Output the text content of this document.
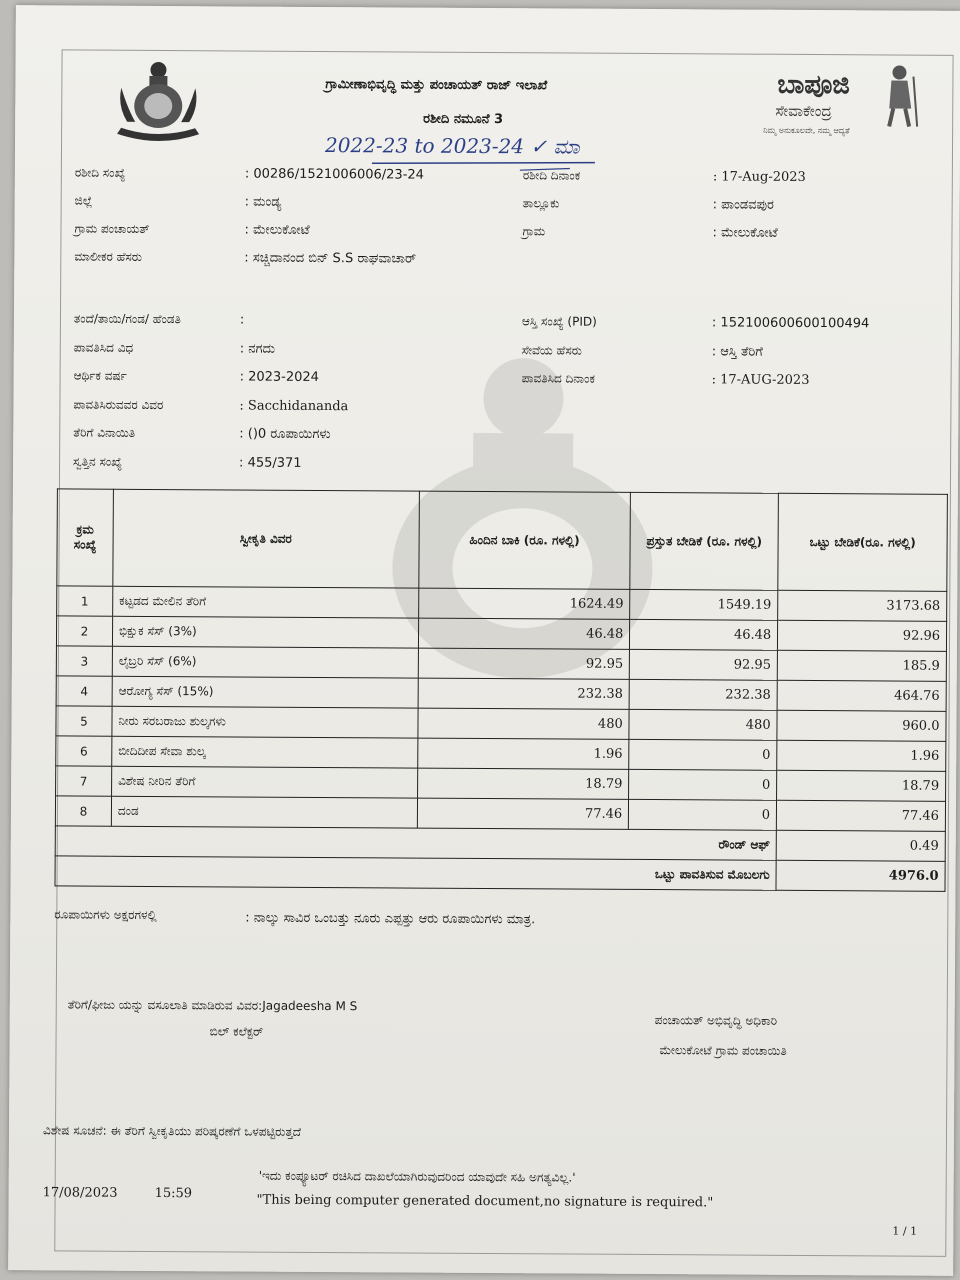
ಗ್ರಾಮೀಣಾಭಿವೃದ್ಧಿ ಮತ್ತು ಪಂಚಾಯತ್ ರಾಜ್ ಇಲಾಖೆ
ರಶೀದಿ ನಮೂನೆ 3
2022-23 to 2023-24 ✓ ಮಾ
ಬಾಪೂಜಿ
ಸೇವಾಕೇಂದ್ರ
ನಿಮ್ಮ ಅನುಕೂಲವೇ, ನಮ್ಮ ಆದ್ಯತೆ
ರಶೀದಿ ಸಂಖ್ಯೆ	: 00286/1521006006/23-24
ಜಿಲ್ಲೆ	: ಮಂಡ್ಯ
ಗ್ರಾಮ ಪಂಚಾಯತ್	: ಮೇಲುಕೋಟೆ
ಮಾಲೀಕರ ಹೆಸರು	: ಸಚ್ಚಿದಾನಂದ ಬಿನ್ S.S ರಾಘವಾಚಾರ್
ರಶೀದಿ ದಿನಾಂಕ	: 17-Aug-2023
ತಾಲ್ಲೂಕು	: ಪಾಂಡವಪುರ
ಗ್ರಾಮ	: ಮೇಲುಕೋಟೆ
ತಂದೆ/ತಾಯಿ/ಗಂಡ/ ಹೆಂಡತಿ	:
ಪಾವತಿಸಿದ ವಿಧ	: ನಗದು
ಆರ್ಥಿಕ ವರ್ಷ	: 2023-2024
ಪಾವತಿಸಿರುವವರ ವಿವರ	: Sacchidananda
ತೆರಿಗೆ ವಿನಾಯಿತಿ	: ()0 ರೂಪಾಯಿಗಳು
ಸ್ವತ್ತಿನ ಸಂಖ್ಯೆ	: 455/371
ಆಸ್ತಿ ಸಂಖ್ಯೆ (PID)	: 152100600600100494
ಸೇವೆಯ ಹೆಸರು	: ಆಸ್ತಿ ತೆರಿಗೆ
ಪಾವತಿಸಿದ ದಿನಾಂಕ	: 17-AUG-2023
ಕ್ರಮ ಸಂಖ್ಯೆ	ಸ್ವೀಕೃತಿ ವಿವರ	ಹಿಂದಿನ ಬಾಕಿ (ರೂ. ಗಳಲ್ಲಿ)	ಪ್ರಸ್ತುತ ಬೇಡಿಕೆ (ರೂ. ಗಳಲ್ಲಿ)	ಒಟ್ಟು ಬೇಡಿಕೆ(ರೂ. ಗಳಲ್ಲಿ)
1	ಕಟ್ಟಡದ ಮೇಲಿನ ತೆರಿಗೆ	1624.49	1549.19	3173.68
2	ಭಿಕ್ಷುಕ ಸೆಸ್ (3%)	46.48	46.48	92.96
3	ಲೈಬ್ರರಿ ಸೆಸ್ (6%)	92.95	92.95	185.9
4	ಆರೋಗ್ಯ ಸೆಸ್ (15%)	232.38	232.38	464.76
5	ನೀರು ಸರಬರಾಜು ಶುಲ್ಕಗಳು	480	480	960.0
6	ಬೀದಿದೀಪ ಸೇವಾ ಶುಲ್ಕ	1.96	0	1.96
7	ವಿಶೇಷ ನೀರಿನ ತೆರಿಗೆ	18.79	0	18.79
8	ದಂಡ	77.46	0	77.46
ರೌಂಡ್ ಆಫ್				0.49
ಒಟ್ಟು ಪಾವತಿಸುವ ಮೊಬಲಗು				4976.0
ರೂಪಾಯಿಗಳು ಅಕ್ಷರಗಳಲ್ಲಿ	: ನಾಲ್ಕು ಸಾವಿರ ಒಂಬತ್ತು ನೂರು ಎಪ್ಪತ್ತು ಆರು ರೂಪಾಯಿಗಳು ಮಾತ್ರ.
ತೆರಿಗೆ/ಫೀಜು ಯನ್ನು ವಸೂಲಾತಿ ಮಾಡಿರುವ ವಿವರ:Jagadeesha M S
ಬಿಲ್ ಕಲೆಕ್ಟರ್
ಪಂಚಾಯತ್ ಅಭಿವೃದ್ಧಿ ಅಧಿಕಾರಿ
ಮೇಲುಕೋಟೆ ಗ್ರಾಮ ಪಂಚಾಯಿತಿ
ವಿಶೇಷ ಸೂಚನೆ: ಈ ತೆರಿಗೆ ಸ್ವೀಕೃತಿಯು ಪರಿಷ್ಕರಣೆಗೆ ಒಳಪಟ್ಟಿರುತ್ತದೆ
'ಇದು ಕಂಪ್ಯೂಟರ್ ರಚಿಸಿದ ದಾಖಲೆಯಾಗಿರುವುದರಿಂದ ಯಾವುದೇ ಸಹಿ ಅಗತ್ಯವಿಲ್ಲ.'
"This being computer generated document,no signature is required."
17/08/2023	15:59
1 / 1
